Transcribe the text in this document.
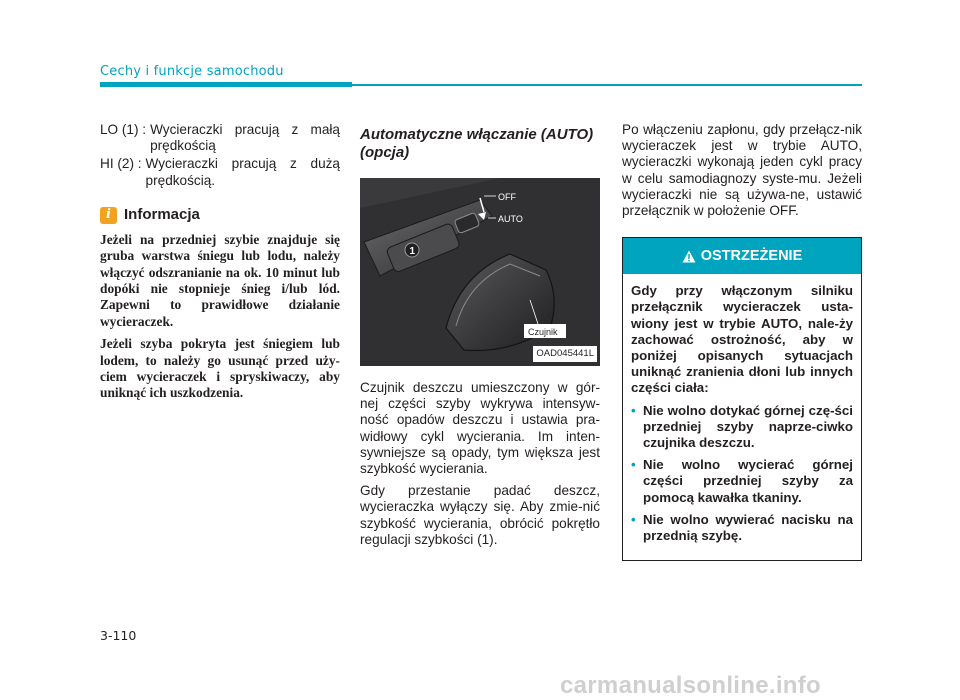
Cechy i funkcje samochodu
LO (1) : Wycieraczki pracują z małą prędkością
HI (2) : Wycieraczki pracują z dużą prędkością.
i Informacja

Jeżeli na przedniej szybie znajduje się gruba warstwa śniegu lub lodu, należy włączyć odszranianie na ok. 10 minut lub dopóki nie stopnieje śnieg i/lub lód. Zapewni to prawidłowe działanie wycieraczek.

Jeżeli szyba pokryta jest śniegiem lub lodem, to należy go usunąć przed uży-ciem wycieraczek i spryskiwaczy, aby uniknąć ich uszkodzenia.

Automatyczne włączanie (AUTO) (opcja)
1
OFF
AUTO
Czujnik
OAD045441L

Czujnik deszczu umieszczony w gór-nej części szyby wykrywa intensyw-ność opadów deszczu i ustawia pra-widłowy cykl wycierania. Im inten-sywniejsze są opady, tym większa jest szybkość wycierania.

Gdy przestanie padać deszcz, wycieraczka wyłączy się. Aby zmie-nić szybkość wycierania, obrócić pokrętło regulacji szybkości (1).

Po włączeniu zapłonu, gdy przełącz-nik wycieraczek jest w trybie AUTO, wycieraczki wykonają jeden cykl pracy w celu samodiagnozy syste-mu. Jeżeli wycieraczki nie są używa-ne, ustawić przełącznik w położenie OFF.

OSTRZEŻENIE
Gdy przy włączonym silniku przełącznik wycieraczek usta-wiony jest w trybie AUTO, nale-ży zachować ostrożność, aby w poniżej opisanych sytuacjach uniknąć zranienia dłoni lub innych części ciała:
• Nie wolno dotykać górnej czę-ści przedniej szyby naprze-ciwko czujnika deszczu.
• Nie wolno wycierać górnej części przedniej szyby za pomocą kawałka tkaniny.
• Nie wolno wywierać nacisku na przednią szybę.
3-110
carmanualsonline.info
